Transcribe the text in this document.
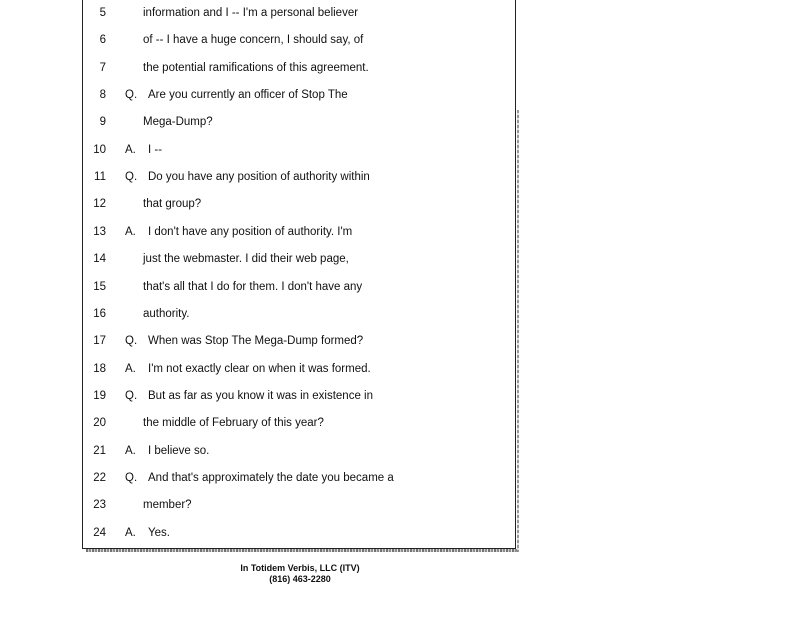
5	information and I -- I'm a personal believer
6	of -- I have a huge concern, I should say, of
7	the potential ramifications of this agreement.
8 Q. Are you currently an officer of Stop The
9	Mega-Dump?
10 A. I --
11 Q. Do you have any position of authority within
12	that group?
13 A. I don't have any position of authority. I'm
14	just the webmaster. I did their web page,
15	that's all that I do for them. I don't have any
16	authority.
17 Q. When was Stop The Mega-Dump formed?
18 A. I'm not exactly clear on when it was formed.
19 Q. But as far as you know it was in existence in
20	the middle of February of this year?
21 A. I believe so.
22 Q. And that's approximately the date you became a
23	member?
24 A. Yes.
In Totidem Verbis, LLC (ITV)
(816) 463-2280
